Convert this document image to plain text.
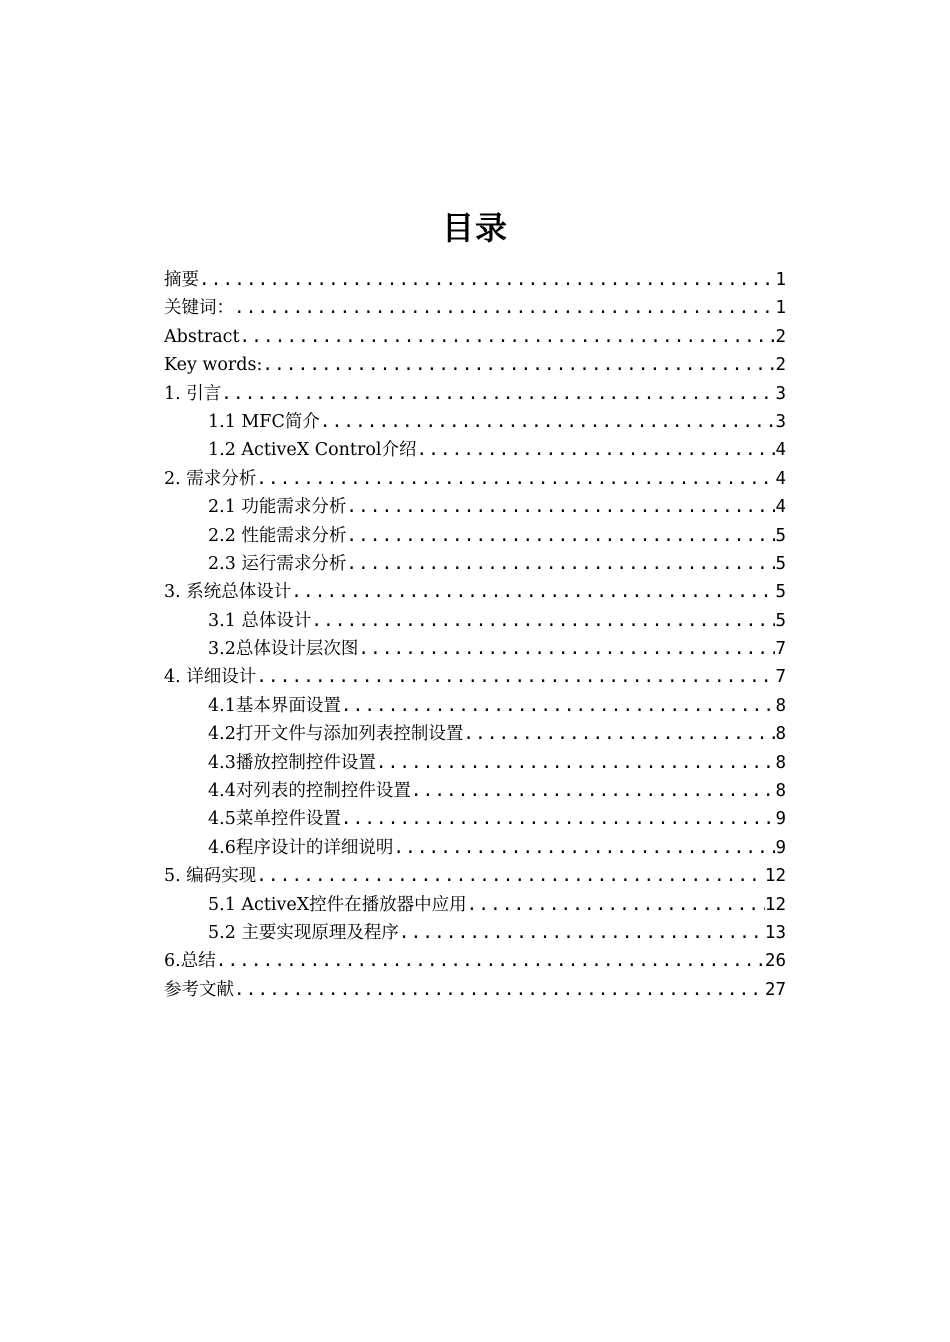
目录
摘要 .....	1
关键词： .....	1
Abstract .....	2
Key words: .....	2
1. 引言 .....	3
1.1 MFC简介 .....	3
1.2 ActiveX Control介绍 .....	4
2. 需求分析 .....	4
2.1 功能需求分析 .....	4
2.2 性能需求分析 .....	5
2.3 运行需求分析 .....	5
3. 系统总体设计 .....	5
3.1 总体设计 .....	5
3.2总体设计层次图 .....	7
4. 详细设计 .....	7
4.1基本界面设置 .....	8
4.2打开文件与添加列表控制设置 .....	8
4.3播放控制控件设置 .....	8
4.4对列表的控制控件设置 .....	8
4.5菜单控件设置 .....	9
4.6程序设计的详细说明 .....	9
5. 编码实现 .....	12
5.1 ActiveX控件在播放器中应用 .....	12
5.2 主要实现原理及程序 .....	13
6.总结 .....	26
参考文献 .....	27
